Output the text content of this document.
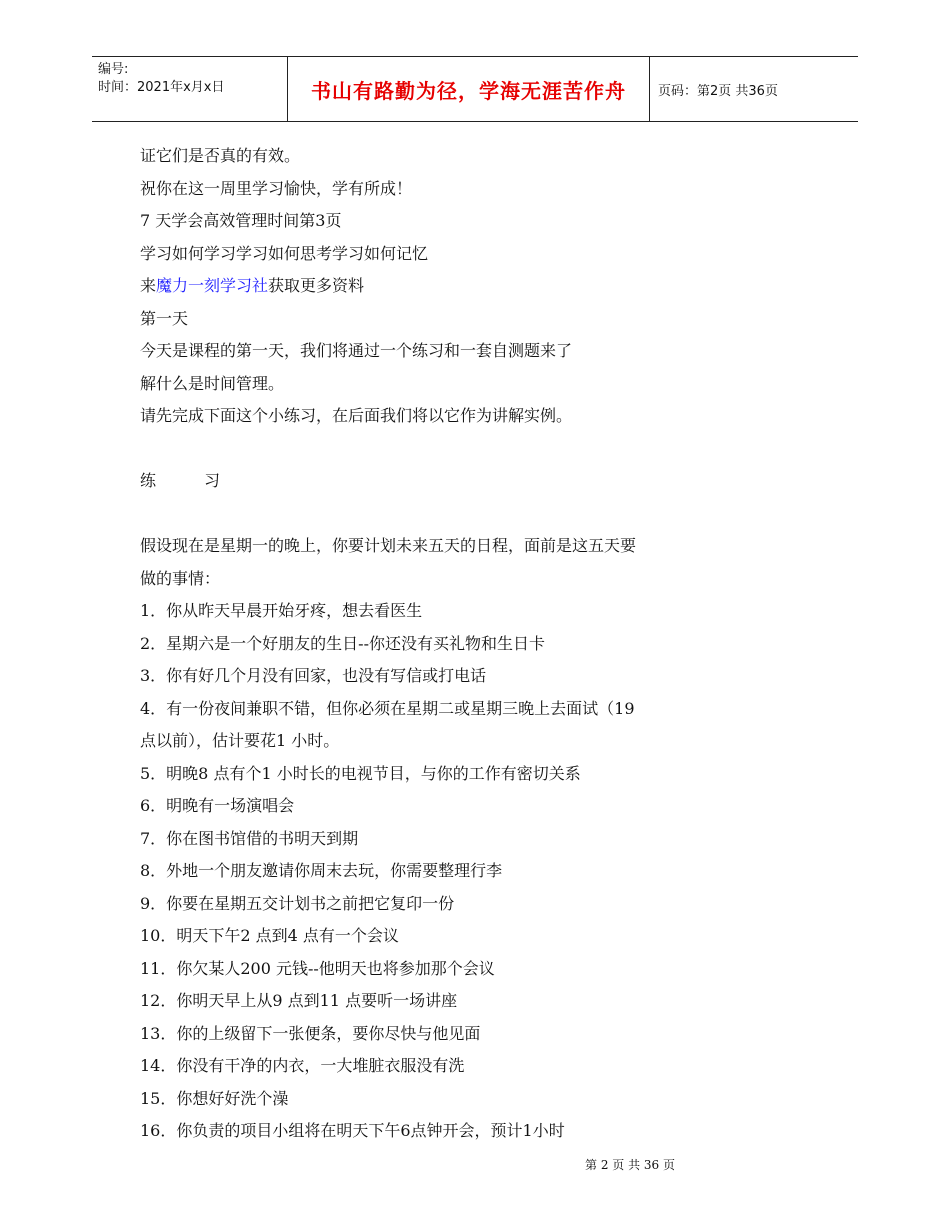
编号:
时间：2021年x月x日	书山有路勤为径，学海无涯苦作舟 页码：第2页 共36页
证它们是否真的有效。
祝你在这一周里学习愉快，学有所成！
7 天学会高效管理时间第3页
学习如何学习学习如何思考学习如何记忆
来魔力一刻学习社获取更多资料
第一天
今天是课程的第一天，我们将通过一个练习和一套自测题来了
解什么是时间管理。
请先完成下面这个小练习，在后面我们将以它作为讲解实例。
练	习
假设现在是星期一的晚上，你要计划未来五天的日程，面前是这五天要
做的事情：
1．你从昨天早晨开始牙疼，想去看医生
2．星期六是一个好朋友的生日--你还没有买礼物和生日卡
3．你有好几个月没有回家，也没有写信或打电话
4．有一份夜间兼职不错，但你必须在星期二或星期三晚上去面试（19
点以前），估计要花1 小时。
5．明晚8 点有个1 小时长的电视节目，与你的工作有密切关系
6．明晚有一场演唱会
7．你在图书馆借的书明天到期
8．外地一个朋友邀请你周末去玩，你需要整理行李
9．你要在星期五交计划书之前把它复印一份
10．明天下午2 点到4 点有一个会议
11．你欠某人200 元钱--他明天也将参加那个会议
12．你明天早上从9 点到11 点要听一场讲座
13．你的上级留下一张便条，要你尽快与他见面
14．你没有干净的内衣，一大堆脏衣服没有洗
15．你想好好洗个澡
16．你负责的项目小组将在明天下午6点钟开会，预计1小时
第 2 页 共 36 页
